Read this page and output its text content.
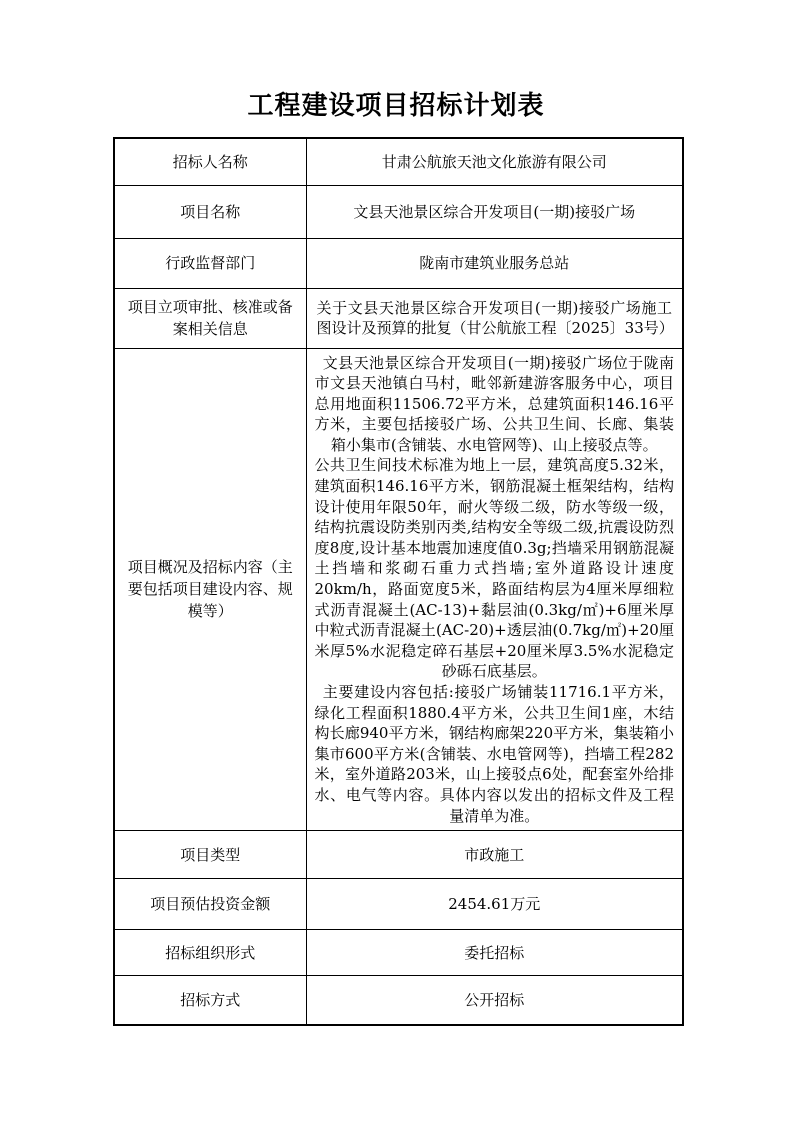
工程建设项目招标计划表
招标人名称	甘肃公航旅天池文化旅游有限公司
项目名称	文县天池景区综合开发项目(一期)接驳广场
行政监督部门	陇南市建筑业服务总站
项目立项审批、核准或备案相关信息	关于文县天池景区综合开发项目(一期)接驳广场施工图设计及预算的批复（甘公航旅工程〔2025〕33号）
项目概况及招标内容（主要包括项目建设内容、规模等）	文县天池景区综合开发项目(一期)接驳广场位于陇南市文县天池镇白马村，毗邻新建游客服务中心，项目总用地面积11506.72平方米，总建筑面积146.16平方米，主要包括接驳广场、公共卫生间、长廊、集装箱小集市(含铺装、水电管网等)、山上接驳点等。

公共卫生间技术标准为地上一层，建筑高度5.32米，建筑面积146.16平方米，钢筋混凝土框架结构，结构设计使用年限50年，耐火等级二级，防水等级一级，结构抗震设防类别丙类,结构安全等级二级,抗震设防烈度8度,设计基本地震加速度值0.3g;挡墙采用钢筋混凝土挡墙和浆砌石重力式挡墙;室外道路设计速度20km/h，路面宽度5米，路面结构层为4厘米厚细粒式沥青混凝土(AC-13)+黏层油(0.3kg/㎡)+6厘米厚中粒式沥青混凝土(AC-20)+透层油(0.7kg/㎡)+20厘米厚5%水泥稳定碎石基层+20厘米厚3.5%水泥稳定砂砾石底基层。

主要建设内容包括:接驳广场铺装11716.1平方米，绿化工程面积1880.4平方米，公共卫生间1座，木结构长廊940平方米，钢结构廊架220平方米，集装箱小集市600平方米(含铺装、水电管网等)，挡墙工程282米，室外道路203米，山上接驳点6处，配套室外给排水、电气等内容。具体内容以发出的招标文件及工程量清单为准。

项目类型	市政施工
项目预估投资金额	2454.61万元
招标组织形式	委托招标
招标方式	公开招标
